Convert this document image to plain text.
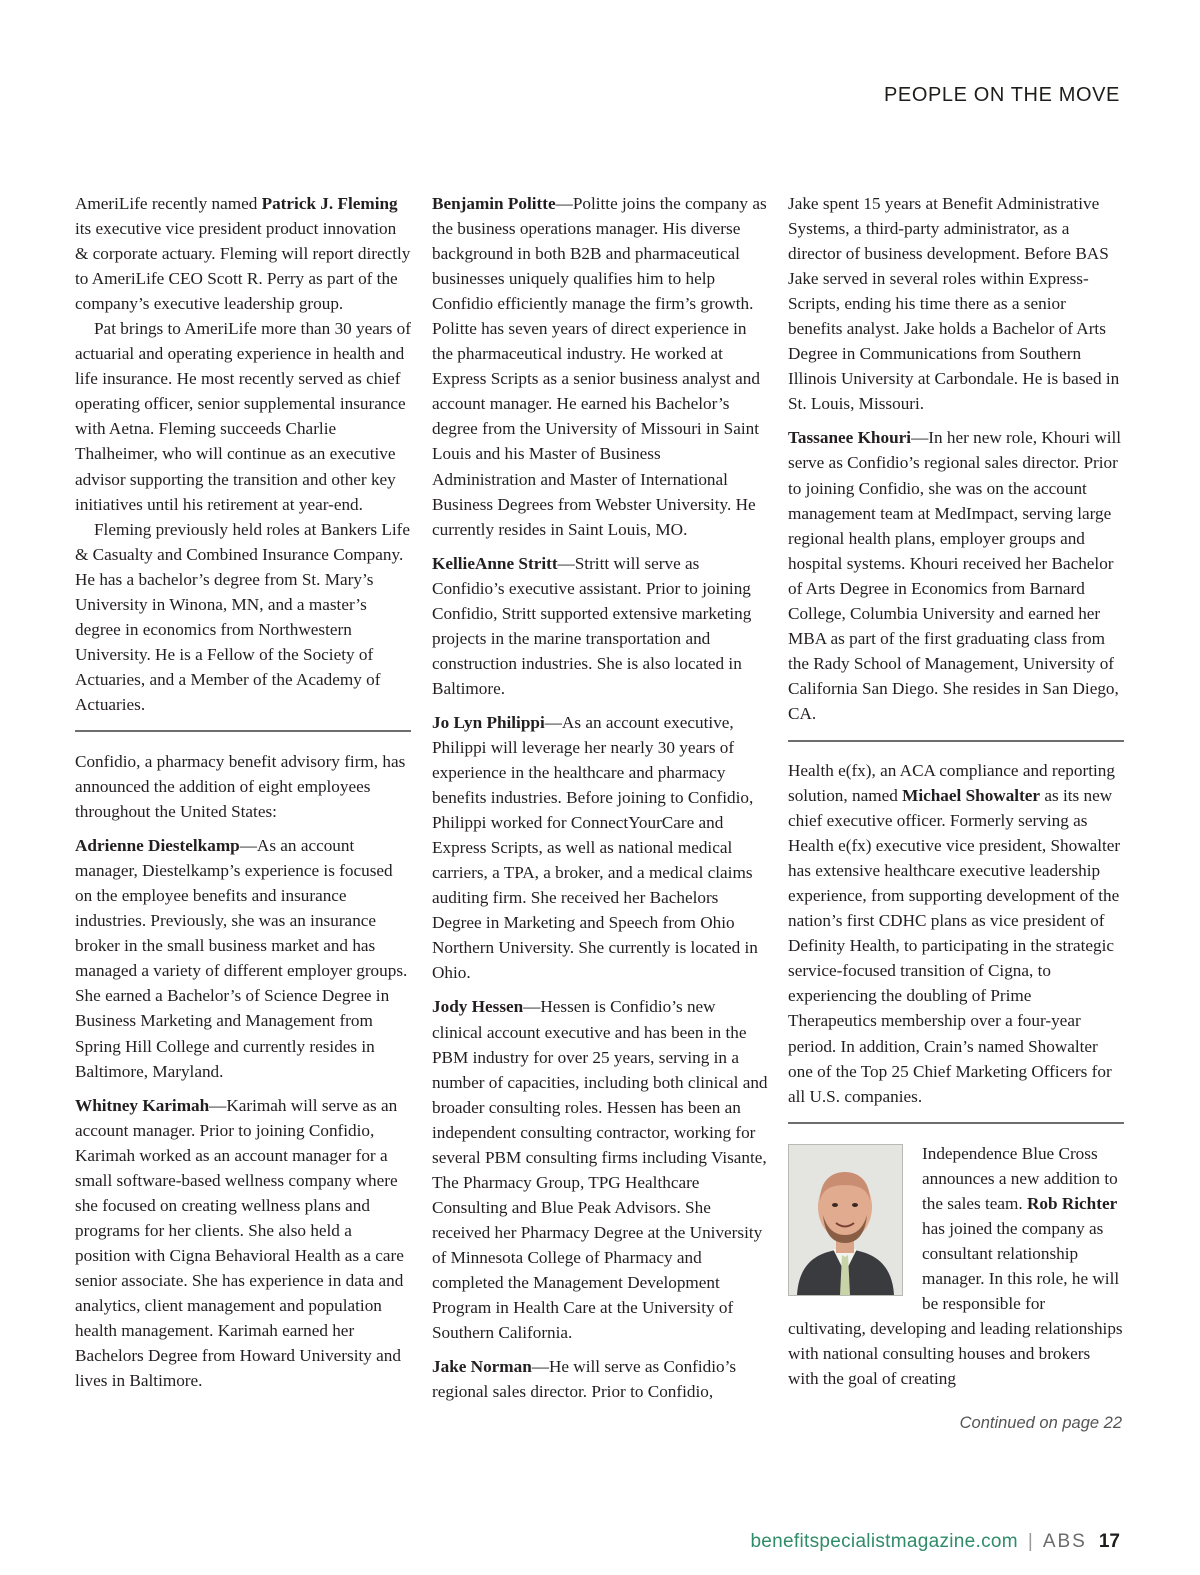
PEOPLE ON THE MOVE

AmeriLife recently named Patrick J. Fleming its executive vice president product innovation & corporate actuary. Fleming will report directly to AmeriLife CEO Scott R. Perry as part of the company’s executive leadership group.

Pat brings to AmeriLife more than 30 years of actuarial and operating experience in health and life insurance. He most recently served as chief operating officer, senior supplemental insurance with Aetna. Fleming succeeds Charlie Thalheimer, who will continue as an executive advisor supporting the transition and other key initiatives until his retirement at year-end.

Fleming previously held roles at Bankers Life & Casualty and Combined Insurance Company. He has a bachelor’s degree from St. Mary’s University in Winona, MN, and a master’s degree in economics from Northwestern University. He is a Fellow of the Society of Actuaries, and a Member of the Academy of Actuaries.

Confidio, a pharmacy benefit advisory firm, has announced the addition of eight employees throughout the United States:

Adrienne Diestelkamp—As an account manager, Diestelkamp’s experience is focused on the employee benefits and insurance industries. Previously, she was an insurance broker in the small business market and has managed a variety of different employer groups. She earned a Bachelor’s of Science Degree in Business Marketing and Management from Spring Hill College and currently resides in Baltimore, Maryland.

Whitney Karimah—Karimah will serve as an account manager. Prior to joining Confidio, Karimah worked as an account manager for a small software-based wellness company where she focused on creating wellness plans and programs for her clients. She also held a position with Cigna Behavioral Health as a care senior associate. She has experience in data and analytics, client management and population health management. Karimah earned her Bachelors Degree from Howard University and lives in Baltimore.

Benjamin Politte—Politte joins the company as the business operations manager. His diverse background in both B2B and pharmaceutical businesses uniquely qualifies him to help Confidio efficiently manage the firm’s growth. Politte has seven years of direct experience in the pharmaceutical industry. He worked at Express Scripts as a senior business analyst and account manager. He earned his Bachelor’s degree from the University of Missouri in Saint Louis and his Master of Business Administration and Master of International Business Degrees from Webster University. He currently resides in Saint Louis, MO.

KellieAnne Stritt—Stritt will serve as Confidio’s executive assistant. Prior to joining Confidio, Stritt supported extensive marketing projects in the marine transportation and construction industries. She is also located in Baltimore.

Jo Lyn Philippi—As an account executive, Philippi will leverage her nearly 30 years of experience in the healthcare and pharmacy benefits industries. Before joining to Confidio, Philippi worked for ConnectYourCare and Express Scripts, as well as national medical carriers, a TPA, a broker, and a medical claims auditing firm. She received her Bachelors Degree in Marketing and Speech from Ohio Northern University. She currently is located in Ohio.

Jody Hessen—Hessen is Confidio’s new clinical account executive and has been in the PBM industry for over 25 years, serving in a number of capacities, including both clinical and broader consulting roles. Hessen has been an independent consulting contractor, working for several PBM consulting firms including Visante, The Pharmacy Group, TPG Healthcare Consulting and Blue Peak Advisors. She received her Pharmacy Degree at the University of Minnesota College of Pharmacy and completed the Management Development Program in Health Care at the University of Southern California.

Jake Norman—He will serve as Confidio’s regional sales director. Prior to Confidio,

Jake spent 15 years at Benefit Administrative Systems, a third-party administrator, as a director of business development. Before BAS Jake served in several roles within Express-Scripts, ending his time there as a senior benefits analyst. Jake holds a Bachelor of Arts Degree in Communications from Southern Illinois University at Carbondale. He is based in St. Louis, Missouri.

Tassanee Khouri—In her new role, Khouri will serve as Confidio’s regional sales director. Prior to joining Confidio, she was on the account management team at MedImpact, serving large regional health plans, employer groups and hospital systems. Khouri received her Bachelor of Arts Degree in Economics from Barnard College, Columbia University and earned her MBA as part of the first graduating class from the Rady School of Management, University of California San Diego. She resides in San Diego, CA.

Health e(fx), an ACA compliance and reporting solution, named Michael Showalter as its new chief executive officer. Formerly serving as Health e(fx) executive vice president, Showalter has extensive healthcare executive leadership experience, from supporting development of the nation’s first CDHC plans as vice president of Definity Health, to participating in the strategic service-focused transition of Cigna, to experiencing the doubling of Prime Therapeutics membership over a four-year period. In addition, Crain’s named Showalter one of the Top 25 Chief Marketing Officers for all U.S. companies.

Independence Blue Cross announces a new addition to the sales team. Rob Richter has joined the company as consultant relationship manager. In this role, he will be responsible for cultivating, developing and leading relationships with national consulting houses and brokers with the goal of creating

Continued on page 22
benefitspecialistmagazine.com | ABS 17
